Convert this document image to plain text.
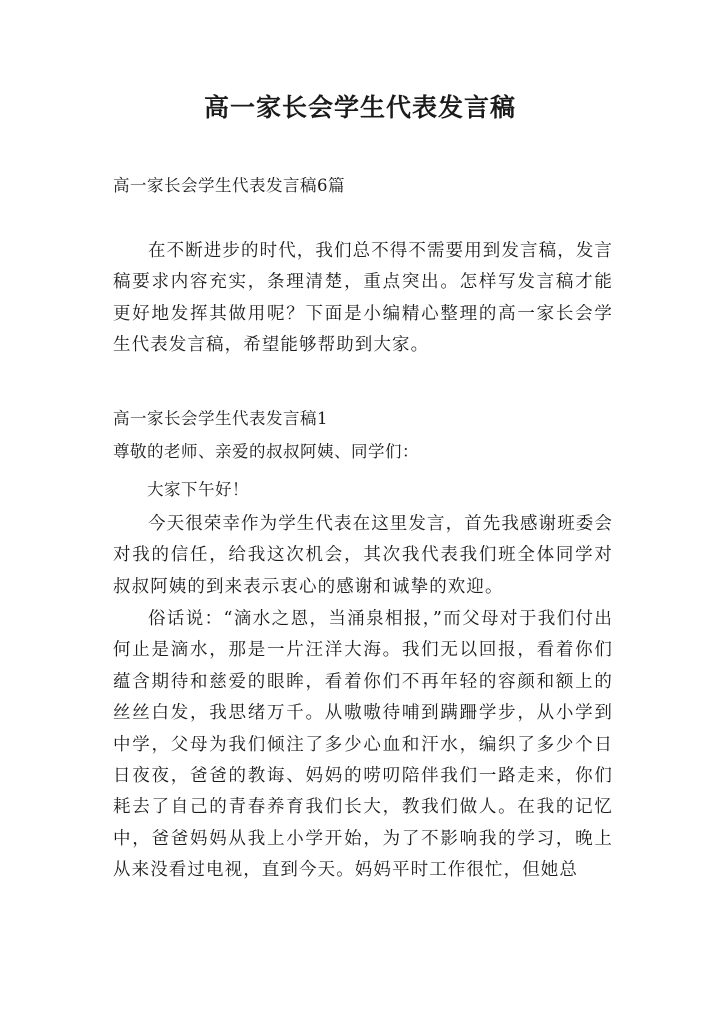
高一家长会学生代表发言稿

高一家长会学生代表发言稿6篇

在不断进步的时代，我们总不得不需要用到发言稿，发言稿要求内容充实，条理清楚，重点突出。怎样写发言稿才能更好地发挥其做用呢？下面是小编精心整理的高一家长会学生代表发言稿，希望能够帮助到大家。

高一家长会学生代表发言稿1

尊敬的老师、亲爱的叔叔阿姨、同学们：

大家下午好！

今天很荣幸作为学生代表在这里发言，首先我感谢班委会对我的信任，给我这次机会，其次我代表我们班全体同学对叔叔阿姨的到来表示衷心的感谢和诚挚的欢迎。

俗话说：“滴水之恩，当涌泉相报，”而父母对于我们付出何止是滴水，那是一片汪洋大海。我们无以回报，看着你们蕴含期待和慈爱的眼眸，看着你们不再年轻的容颜和额上的丝丝白发，我思绪万千。从嗷嗷待哺到蹒跚学步，从小学到中学，父母为我们倾注了多少心血和汗水，编织了多少个日日夜夜，爸爸的教诲、妈妈的唠叨陪伴我们一路走来，你们耗去了自己的青春养育我们长大，教我们做人。在我的记忆中，爸爸妈妈从我上小学开始，为了不影响我的学习，晚上从来没看过电视，直到今天。妈妈平时工作很忙，但她总
